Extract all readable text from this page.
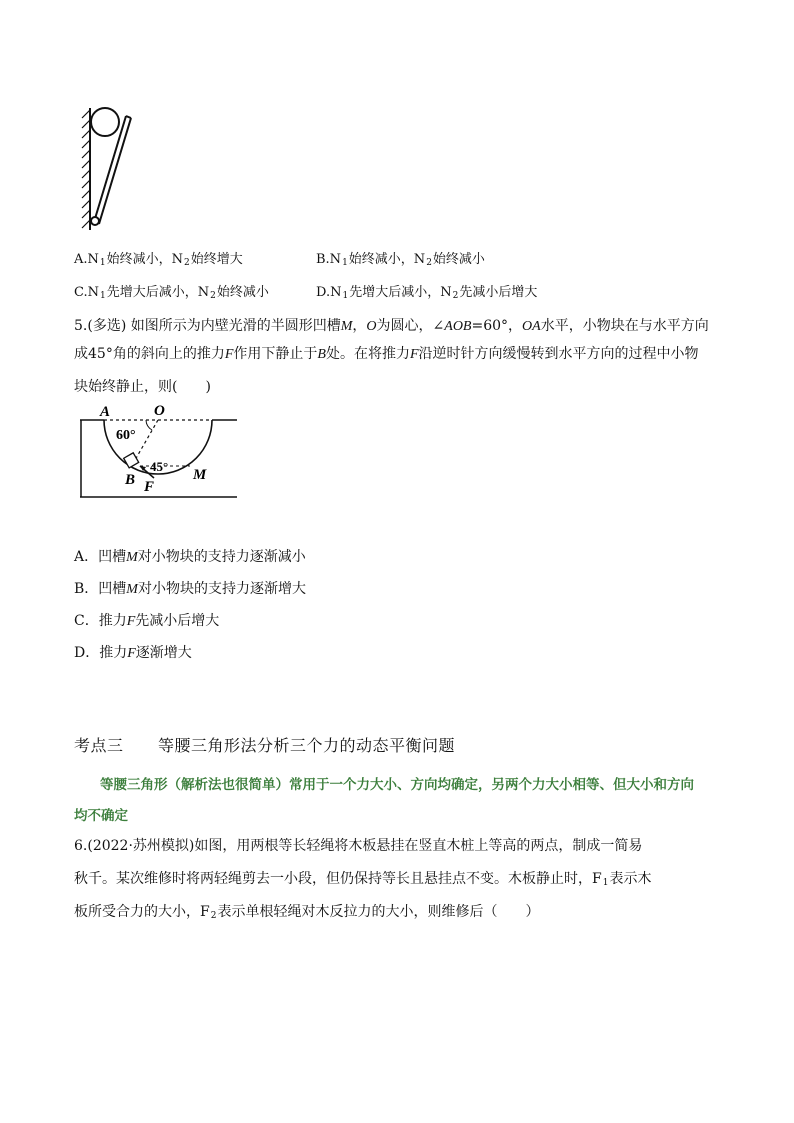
$A.N_1$始终减小，$N_2$始终增大	$B.N_1$始终减小，$N_2$始终减小
$C.N_1$先增大后减小，$N_2$始终减小	$D.N_1$先增大后减小，$N_2$先减小后增大
5.(多选) 如图所示为内壁光滑的半圆形凹槽M，O为圆心，∠AOB=60°，OA水平，小物块在与水平方向
成45°角的斜向上的推力F作用下静止于B处。在将推力F沿逆时针方向缓慢转到水平方向的过程中小物
块始终静止，则(　　)
A	O
60°
45°
B F
M
A．凹槽M对小物块的支持力逐渐减小
B．凹槽M对小物块的支持力逐渐增大
C．推力F先减小后增大
D．推力F逐渐增大
考点三 等腰三角形法分析三个力的动态平衡问题
等腰三角形（解析法也很简单）常用于一个力大小、方向均确定，另两个力大小相等、但大小和方向
均不确定
6.(2022·苏州模拟)如图，用两根等长轻绳将木板悬挂在竖直木桩上等高的两点，制成一简易
秋千。某次维修时将两轻绳剪去一小段，但仍保持等长且悬挂点不变。木板静止时，$F_1$表示木
板所受合力的大小，$F_2$表示单根轻绳对木反拉力的大小，则维修后（　　）
